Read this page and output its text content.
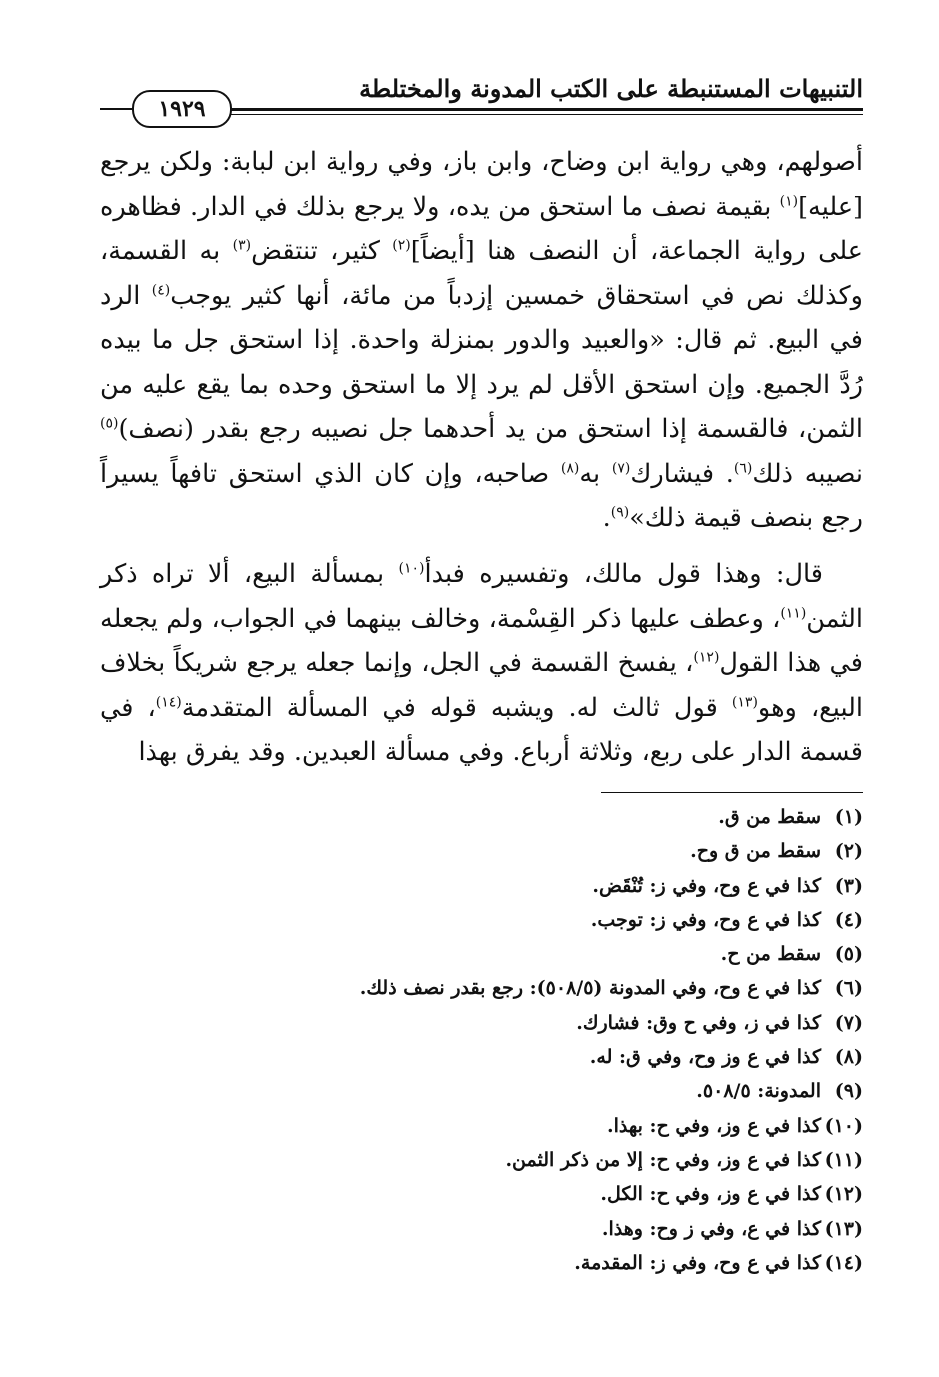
التنبيهات المستنبطة على الكتب المدونة والمختلطة
١٩٢٩
أصولهم، وهي رواية ابن وضاح، وابن باز، وفي رواية ابن لبابة: ولكن يرجع [عليه]$^{(١)}$ بقيمة نصف ما استحق من يده، ولا يرجع بذلك في الدار. فظاهره على رواية الجماعة، أن النصف هنا [أيضاً]$^{(٢)}$ كثير، تنتقض$^{(٣)}$ به القسمة، وكذلك نص في استحقاق خمسين إزدباً من مائة، أنها كثير يوجب$^{(٤)}$ الرد في البيع. ثم قال: «والعبيد والدور بمنزلة واحدة. إذا استحق جل ما بيده رُدَّ الجميع. وإن استحق الأقل لم يرد إلا ما استحق وحده بما يقع عليه من الثمن، فالقسمة إذا استحق من يد أحدهما جل نصيبه رجع بقدر (نصف)$^{(٥)}$ نصيبه ذلك$^{(٦)}$. فيشارك$^{(٧)}$ به$^{(٨)}$ صاحبه، وإن كان الذي استحق تافهاً يسيراً رجع بنصف قيمة ذلك»$^{(٩)}$.
قال: وهذا قول مالك، وتفسيره فبدأ$^{(١٠)}$ بمسألة البيع، ألا تراه ذكر الثمن$^{(١١)}$، وعطف عليها ذكر القِسْمة، وخالف بينهما في الجواب، ولم يجعله في هذا القول$^{(١٢)}$، يفسخ القسمة في الجل، وإنما جعله يرجع شريكاً بخلاف البيع، وهو$^{(١٣)}$ قول ثالث له. ويشبه قوله في المسألة المتقدمة$^{(١٤)}$، في قسمة الدار على ربع، وثلاثة أرباع. وفي مسألة العبدين. وقد يفرق بهذا
(١)سقط من ق.
(٢)سقط من ق وح.
(٣)كذا في ع وح، وفي ز: تُنْقَض.
(٤)كذا في ع وح، وفي ز: توجب.
(٥)سقط من ح.
(٦)كذا في ع وح، وفي المدونة (٥٠٨/٥): رجع بقدر نصف ذلك.
(٧)كذا في ز، وفي ح وق: فشارك.
(٨)كذا في ع وز وح، وفي ق: له.
(٩)المدونة: ٥٠٨/٥.
(١٠)كذا في ع وز، وفي ح: بهذا.
(١١)كذا في ع وز، وفي ح: إلا من ذكر الثمن.
(١٢)كذا في ع وز، وفي ح: الكل.
(١٣)كذا في ع، وفي ز وح: وهذا.
(١٤)كذا في ع وح، وفي ز: المقدمة.
